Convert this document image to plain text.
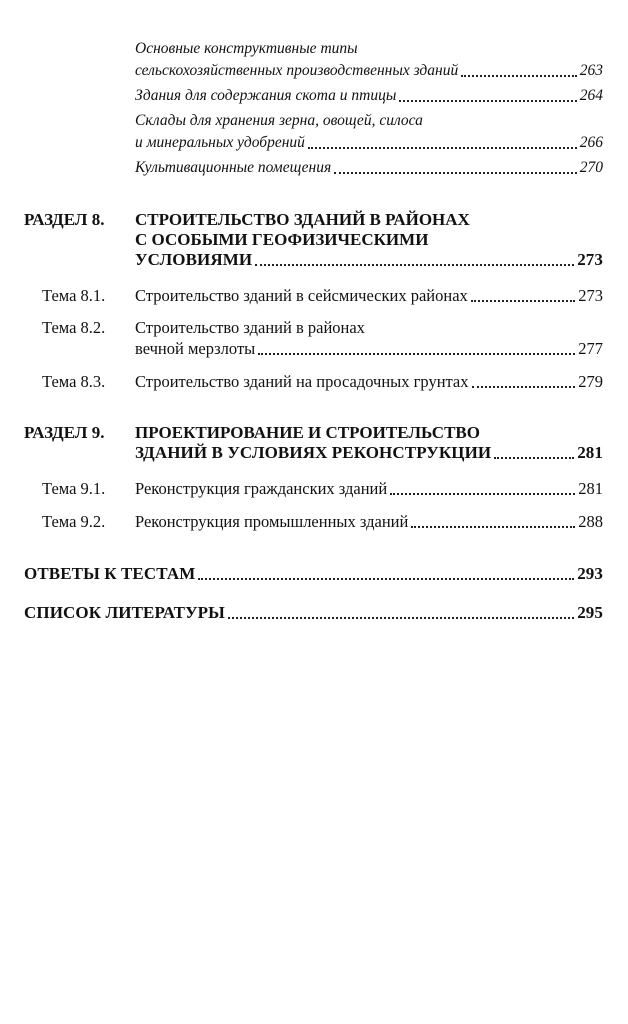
Основные конструктивные типы
сельскохозяйственных производственных зданий	263
Здания для содержания скота и птицы	264
Склады для хранения зерна, овощей, силоса
и минеральных удобрений	266
Культивационные помещения	270
РАЗДЕЛ 8. СТРОИТЕЛЬСТВО ЗДАНИЙ В РАЙОНАХ
С ОСОБЫМИ ГЕОФИЗИЧЕСКИМИ
УСЛОВИЯМИ	273
Тема 8.1. Строительство зданий в сейсмических районах	273
Тема 8.2. Строительство зданий в районах
вечной мерзлоты	277
Тема 8.3. Строительство зданий на просадочных грунтах	279
РАЗДЕЛ 9. ПРОЕКТИРОВАНИЕ И СТРОИТЕЛЬСТВО
ЗДАНИЙ В УСЛОВИЯХ РЕКОНСТРУКЦИИ	281
Тема 9.1. Реконструкция гражданских зданий	281
Тема 9.2. Реконструкция промышленных зданий	288
ОТВЕТЫ К ТЕСТАМ	293
СПИСОК ЛИТЕРАТУРЫ	295
